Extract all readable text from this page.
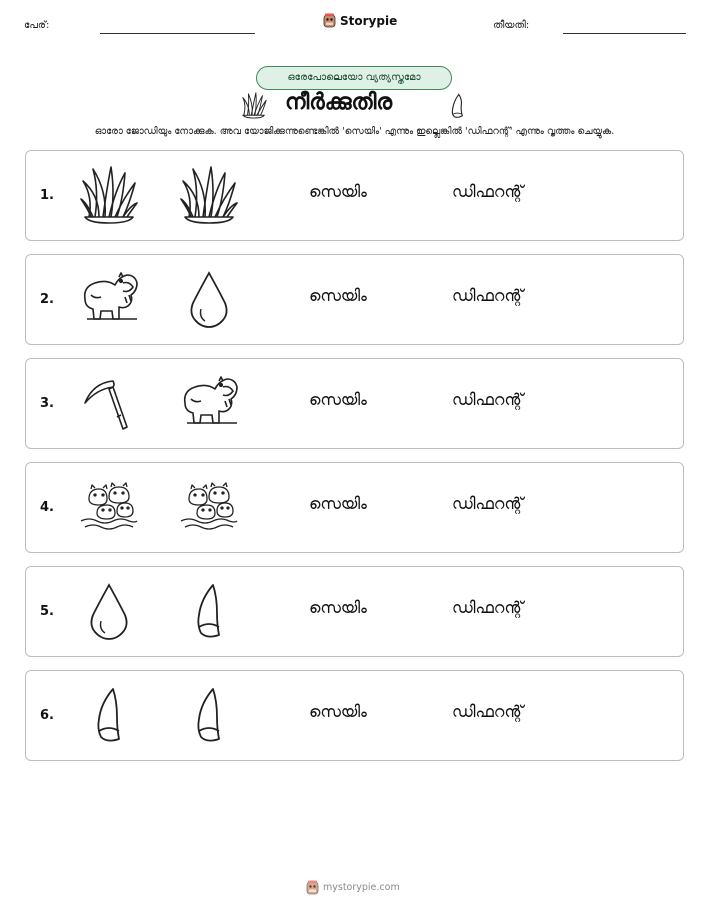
പേര്:	Storypie	തീയതി:
ഒരേപോലെയോ വ്യത്യസ്തമോ
നീർക്കുതിര
ഓരോ ജോഡിയും നോക്കുക. അവ യോജിക്കുന്നുണ്ടെങ്കിൽ 'സെയിം' എന്നും ഇല്ലെങ്കിൽ 'ഡിഫറന്റ്' എന്നും വൃത്തം ചെയ്യുക.
1.	സെയിം	ഡിഫറന്റ്
2.	സെയിം	ഡിഫറന്റ്
3.	സെയിം	ഡിഫറന്റ്
4.	സെയിം	ഡിഫറന്റ്
5.	സെയിം	ഡിഫറന്റ്
6.	സെയിം	ഡിഫറന്റ്
mystorypie.com
